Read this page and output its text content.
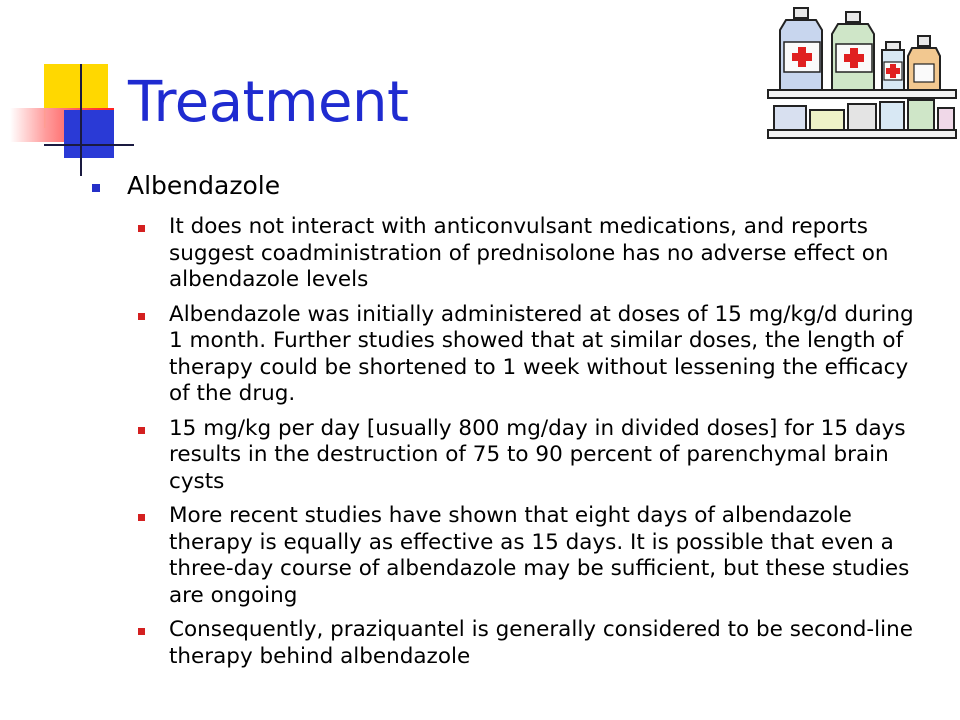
Treatment
Albendazole
It does not interact with anticonvulsant medications, and reports suggest coadministration of prednisolone has no adverse effect on albendazole levels
Albendazole was initially administered at doses of 15 mg/kg/d during 1 month. Further studies showed that at similar doses, the length of therapy could be shortened to 1 week without lessening the efficacy of the drug.
15 mg/kg per day [usually 800 mg/day in divided doses] for 15 days results in the destruction of 75 to 90 percent of parenchymal brain cysts
More recent studies have shown that eight days of albendazole therapy is equally as effective as 15 days. It is possible that even a three-day course of albendazole may be sufficient, but these studies are ongoing
Consequently, praziquantel is generally considered to be second-line therapy behind albendazole
